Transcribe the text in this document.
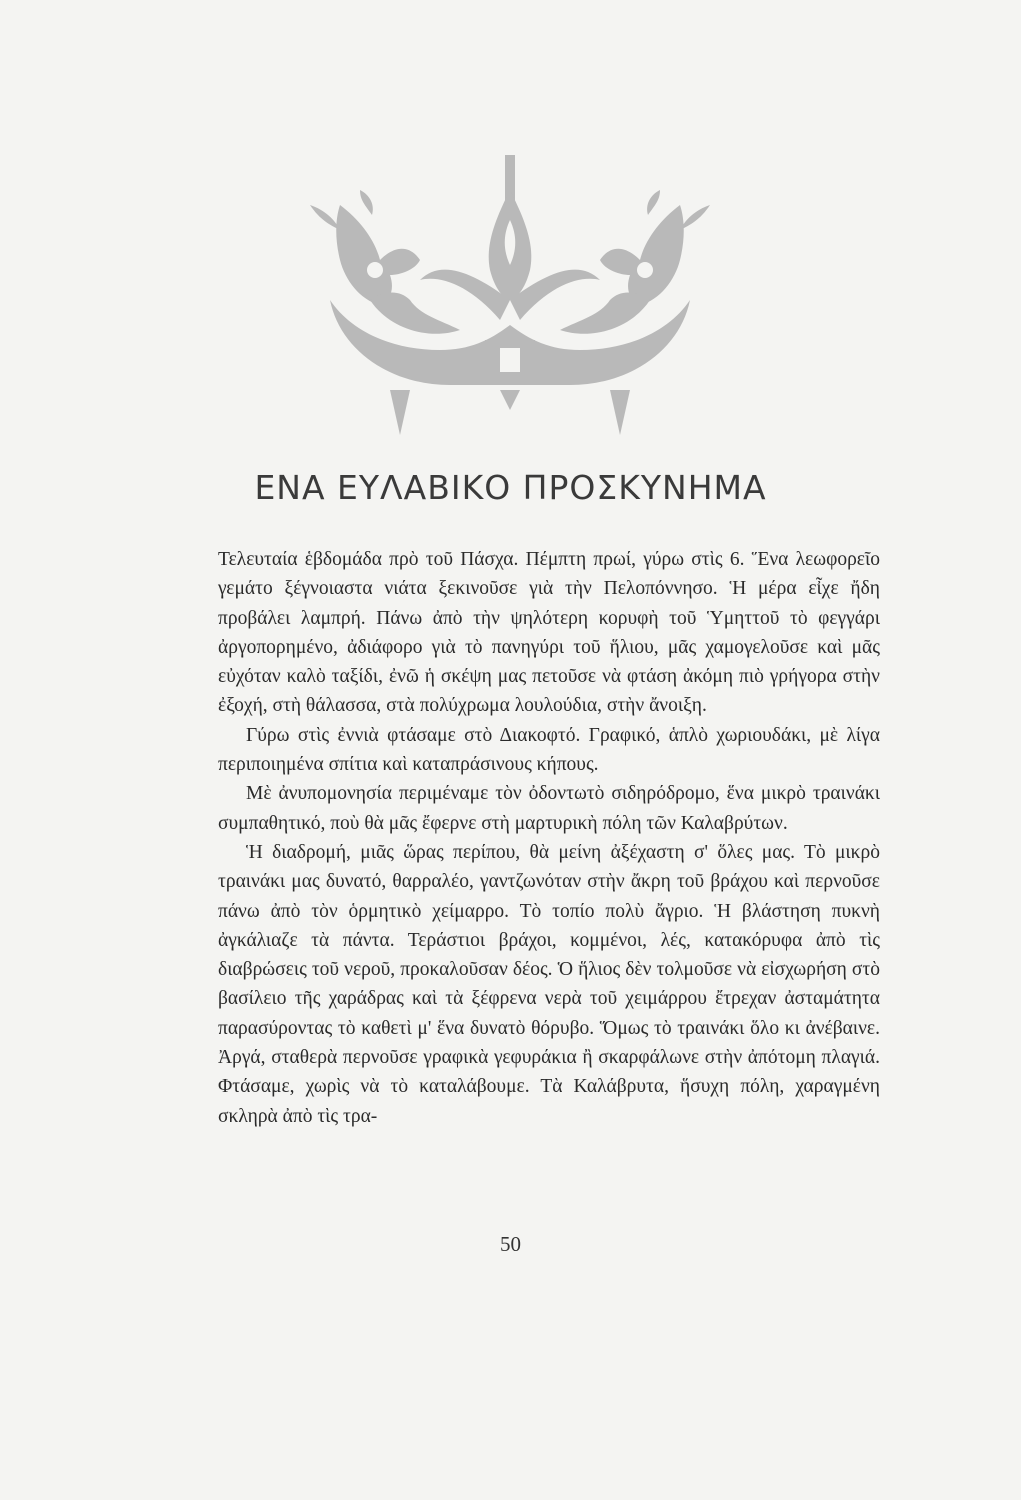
ΕΝΑ ΕΥΛΑΒΙΚΟ ΠΡΟΣΚΥΝΗΜΑ

Τελευταία ἑβδομάδα πρὸ τοῦ Πάσχα. Πέμπτη πρωί, γύρω στὶς 6. Ἕνα λεωφορεῖο γεμάτο ξέγνοιαστα νιάτα ξεκινοῦσε γιὰ τὴν Πελοπόννησο. Ἡ μέρα εἶχε ἤδη προβάλει λαμπρή. Πάνω ἀπὸ τὴν ψηλότερη κορυφὴ τοῦ Ὑμηττοῦ τὸ φεγγάρι ἀργοπορημένο, ἀδιάφορο γιὰ τὸ πανηγύρι τοῦ ἥλιου, μᾶς χαμογελοῦσε καὶ μᾶς εὐχόταν καλὸ ταξίδι, ἐνῶ ἡ σκέψη μας πετοῦσε νὰ φτάση ἀκόμη πιὸ γρήγορα στὴν ἐξοχή, στὴ θάλασσα, στὰ πολύχρωμα λουλούδια, στὴν ἄνοιξη.

Γύρω στὶς ἐννιὰ φτάσαμε στὸ Διακοφτό. Γραφικό, ἁπλὸ χωριουδάκι, μὲ λίγα περιποιημένα σπίτια καὶ καταπράσινους κήπους.

Μὲ ἀνυπομονησία περιμέναμε τὸν ὀδοντωτὸ σιδηρόδρομο, ἕνα μικρὸ τραινάκι συμπαθητικό, ποὺ θὰ μᾶς ἔφερνε στὴ μαρτυρικὴ πόλη τῶν Καλαβρύτων.

Ἡ διαδρομή, μιᾶς ὥρας περίπου, θὰ μείνη ἀξέχαστη σ' ὅλες μας. Τὸ μικρὸ τραινάκι μας δυνατό, θαρραλέο, γαντζωνόταν στὴν ἄκρη τοῦ βράχου καὶ περνοῦσε πάνω ἀπὸ τὸν ὁρμητικὸ χείμαρρο. Τὸ τοπίο πολὺ ἄγριο. Ἡ βλάστηση πυκνὴ ἀγκάλιαζε τὰ πάντα. Τεράστιοι βράχοι, κομμένοι, λές, κατακόρυφα ἀπὸ τὶς διαβρώσεις τοῦ νεροῦ, προκαλοῦσαν δέος. Ὁ ἥλιος δὲν τολμοῦσε νὰ εἰσχωρήση στὸ βασίλειο τῆς χαράδρας καὶ τὰ ξέφρενα νερὰ τοῦ χειμάρρου ἔτρεχαν ἀσταμάτητα παρασύροντας τὸ καθετὶ μ' ἕνα δυνατὸ θόρυβο. Ὅμως τὸ τραινάκι ὅλο κι ἀνέβαινε. Ἀργά, σταθερὰ περνοῦσε γραφικὰ γεφυράκια ἢ σκαρφάλωνε στὴν ἀπότομη πλαγιά. Φτάσαμε, χωρὶς νὰ τὸ καταλάβουμε. Τὰ Καλάβρυτα, ἥσυχη πόλη, χαραγμένη σκληρὰ ἀπὸ τὶς τρα-

50
